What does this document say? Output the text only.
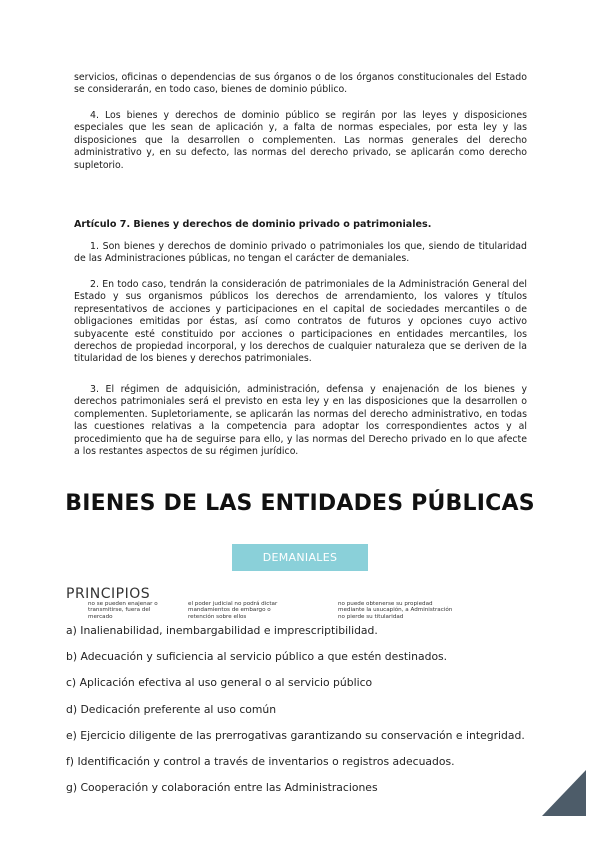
servicios, oficinas o dependencias de sus órganos o de los órganos constitucionales del Estado se considerarán, en todo caso, bienes de dominio público.

4. Los bienes y derechos de dominio público se regirán por las leyes y disposiciones especiales que les sean de aplicación y, a falta de normas especiales, por esta ley y las disposiciones que la desarrollen o complementen. Las normas generales del derecho administrativo y, en su defecto, las normas del derecho privado, se aplicarán como derecho supletorio.

Artículo 7. Bienes y derechos de dominio privado o patrimoniales.

1. Son bienes y derechos de dominio privado o patrimoniales los que, siendo de titularidad de las Administraciones públicas, no tengan el carácter de demaniales.

2. En todo caso, tendrán la consideración de patrimoniales de la Administración General del Estado y sus organismos públicos los derechos de arrendamiento, los valores y títulos representativos de acciones y participaciones en el capital de sociedades mercantiles o de obligaciones emitidas por éstas, así como contratos de futuros y opciones cuyo activo subyacente esté constituido por acciones o participaciones en entidades mercantiles, los derechos de propiedad incorporal, y los derechos de cualquier naturaleza que se deriven de la titularidad de los bienes y derechos patrimoniales.

3. El régimen de adquisición, administración, defensa y enajenación de los bienes y derechos patrimoniales será el previsto en esta ley y en las disposiciones que la desarrollen o complementen. Supletoriamente, se aplicarán las normas del derecho administrativo, en todas las cuestiones relativas a la competencia para adoptar los correspondientes actos y al procedimiento que ha de seguirse para ello, y las normas del Derecho privado en lo que afecte a los restantes aspectos de su régimen jurídico.

BIENES DE LAS ENTIDADES PÚBLICAS
DEMANIALES

PRINCIPIOS

no se pueden enajenar o transmitirse, fuera del mercado
el poder judicial no podrá dictar mandamientos de embargo o retención sobre ellos
no puede obtenerse su propiedad mediante la usucapión, a Administración no pierde su titularidad
a) Inalienabilidad, inembargabilidad e imprescriptibilidad.
b) Adecuación y suficiencia al servicio público a que estén destinados.
c) Aplicación efectiva al uso general o al servicio público
d) Dedicación preferente al uso común
e) Ejercicio diligente de las prerrogativas garantizando su conservación e integridad.
f) Identificación y control a través de inventarios o registros adecuados.
g) Cooperación y colaboración entre las Administraciones
